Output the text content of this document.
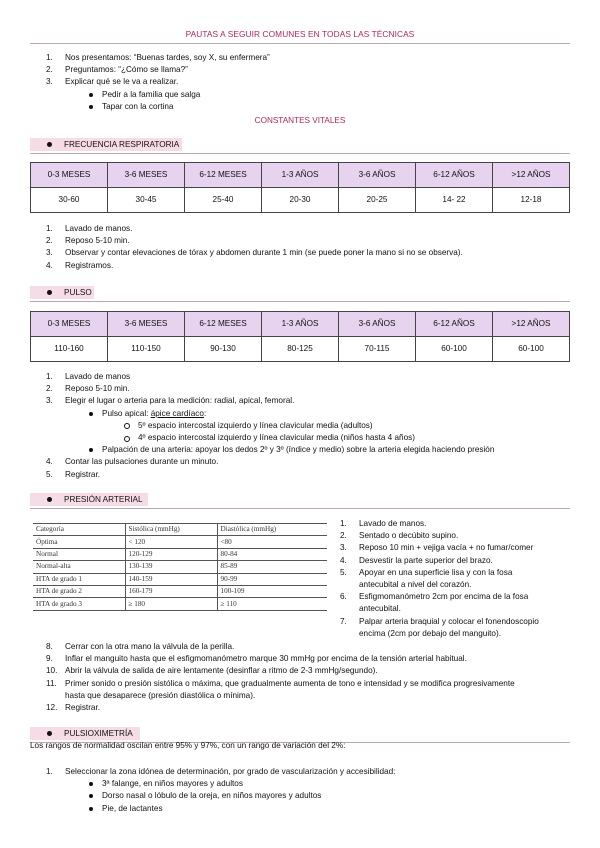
PAUTAS A SEGUIR COMUNES EN TODAS LAS TÉCNICAS
1.	Nos presentamos: “Buenas tardes, soy X, su enfermera”
2.	Preguntamos: “¿Cómo se llama?”
3.	Explicar qué se le va a realizar.
Pedir a la familia que salga
Tapar con la cortina
CONSTANTES VITALES
FRECUENCIA RESPIRATORIA
0-3 MESES	3-6 MESES	6-12 MESES	1-3 AÑOS	3-6 AÑOS	6-12 AÑOS	>12 AÑOS
30-60	30-45	25-40	20-30	20-25	14- 22	12-18
1.	Lavado de manos.
2.	Reposo 5-10 min.
3.	Observar y contar elevaciones de tórax y abdomen durante 1 min (se puede poner la mano si no se observa).
4.	Registramos.
PULSO
0-3 MESES	3-6 MESES	6-12 MESES	1-3 AÑOS	3-6 AÑOS	6-12 AÑOS	>12 AÑOS
110-160	110-150	90-130	80-125	70-115	60-100	60-100
1.	Lavado de manos
2.	Reposo 5-10 min.
3.	Elegir el lugar o arteria para la medición: radial, apical, femoral.
Pulso apical: ápice cardíaco:
5º espacio intercostal izquierdo y línea clavicular media (adultos)
4º espacio intercostal izquierdo y línea clavicular media (niños hasta 4 años)
Palpación de una arteria: apoyar los dedos 2º y 3º (índice y medio) sobre la arteria elegida haciendo presión
4.	Contar las pulsaciones durante un minuto.
5.	Registrar.
PRESIÓN ARTERIAL
Categoría	Sistólica (mmHg)	Diastólica (mmHg)
Óptima	< 120	<80
Normal	120-129	80-84
Normal-alta	130-139	85-89
HTA de grado 1	140-159	90-99
HTA de grado 2	160-179	100-109
HTA de grado 3	≥ 180	≥ 110
1.	Lavado de manos.
2.	Sentado o decúbito supino.
3.	Reposo 10 min + vejiga vacía + no fumar/comer
4.	Desvestir la parte superior del brazo.
5.	Apoyar en una superficie lisa y con la fosa
antecubital a nivel del corazón.
6.	Esfigmomanómetro 2cm por encima de la fosa
antecubital.
7.	Palpar arteria braquial y colocar el fonendoscopio
encima (2cm por debajo del manguito).
8.	Cerrar con la otra mano la válvula de la perilla.
9.	Inflar el manguito hasta que el esfigmomanómetro marque 30 mmHg por encima de la tensión arterial habitual.
10. Abrir la válvula de salida de aire lentamente (desinflar a ritmo de 2-3 mmHg/segundo).
11.	Primer sonido o presión sistólica o máxima, que gradualmente aumenta de tono e intensidad y se modifica progresivamente
hasta que desaparece (presión diastólica o mínima).
12. Registrar.
PULSIOXIMETRÍA
Los rangos de normalidad oscilan entre 95% y 97%, con un rango de variación del 2%:
1.	Seleccionar la zona idónea de determinación, por grado de vascularización y accesibilidad:
3ª falange, en niños mayores y adultos
Dorso nasal o lóbulo de la oreja, en niños mayores y adultos
Pie, de lactantes
